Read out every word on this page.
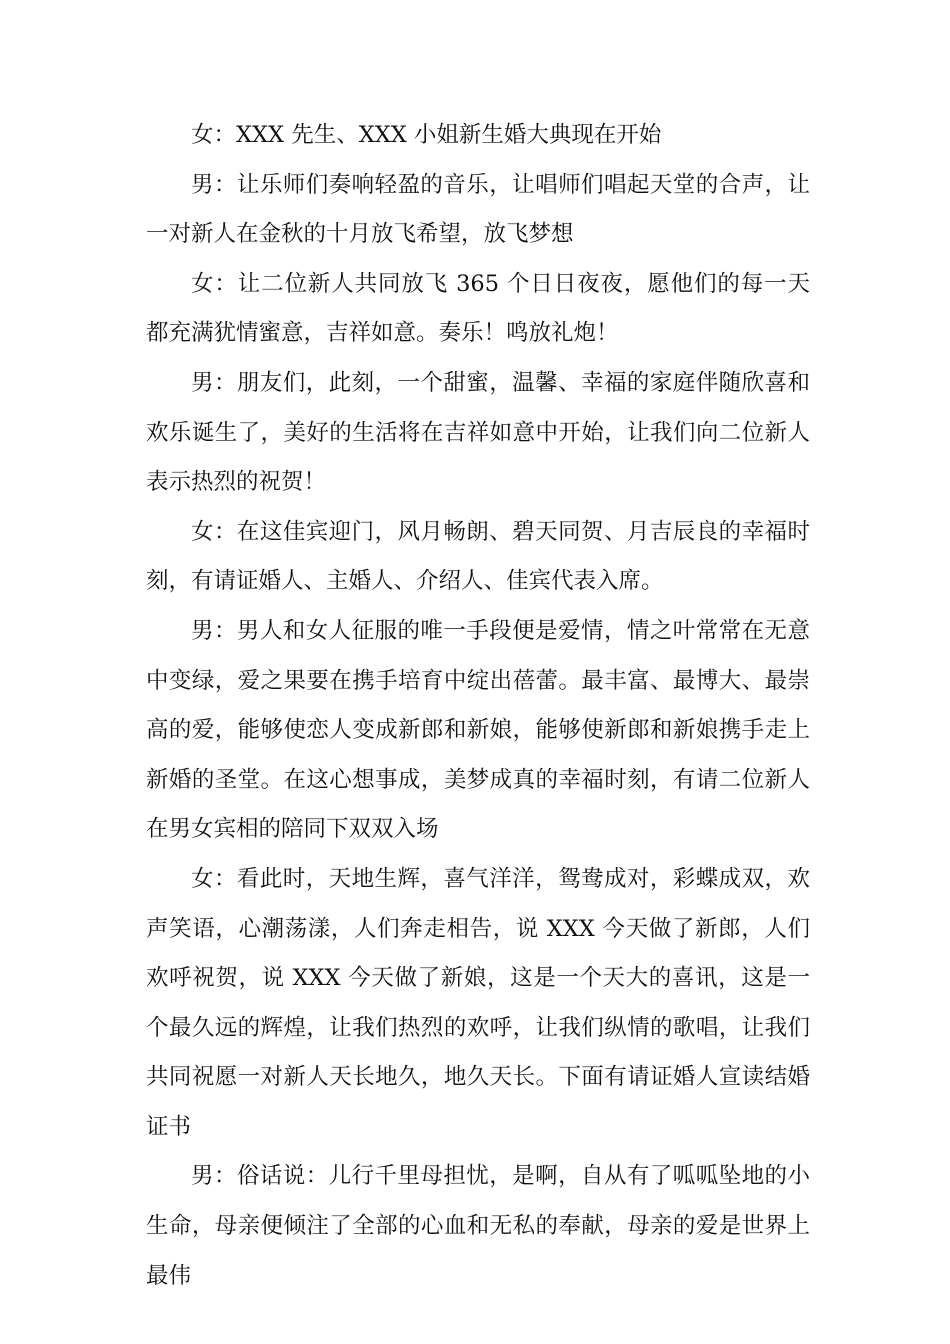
女：XXX 先生、XXX 小姐新生婚大典现在开始

男：让乐师们奏响轻盈的音乐，让唱师们唱起天堂的合声，让一对新人在金秋的十月放飞希望，放飞梦想

女：让二位新人共同放飞 365 个日日夜夜，愿他们的每一天都充满犹情蜜意，吉祥如意。奏乐！鸣放礼炮！

男：朋友们，此刻，一个甜蜜，温馨、幸福的家庭伴随欣喜和欢乐诞生了，美好的生活将在吉祥如意中开始，让我们向二位新人表示热烈的祝贺！

女：在这佳宾迎门，风月畅朗、碧天同贺、月吉辰良的幸福时刻，有请证婚人、主婚人、介绍人、佳宾代表入席。

男：男人和女人征服的唯一手段便是爱情，情之叶常常在无意中变绿，爱之果要在携手培育中绽出蓓蕾。最丰富、最博大、最崇高的爱，能够使恋人变成新郎和新娘，能够使新郎和新娘携手走上新婚的圣堂。在这心想事成，美梦成真的幸福时刻，有请二位新人在男女宾相的陪同下双双入场

女：看此时，天地生辉，喜气洋洋，鸳鸯成对，彩蝶成双，欢声笑语，心潮荡漾，人们奔走相告，说 XXX 今天做了新郎，人们欢呼祝贺，说 XXX 今天做了新娘，这是一个天大的喜讯，这是一个最久远的辉煌，让我们热烈的欢呼，让我们纵情的歌唱，让我们共同祝愿一对新人天长地久，地久天长。下面有请证婚人宣读结婚证书

男：俗话说：儿行千里母担忧，是啊，自从有了呱呱坠地的小生命，母亲便倾注了全部的心血和无私的奉献，母亲的爱是世界上最伟
